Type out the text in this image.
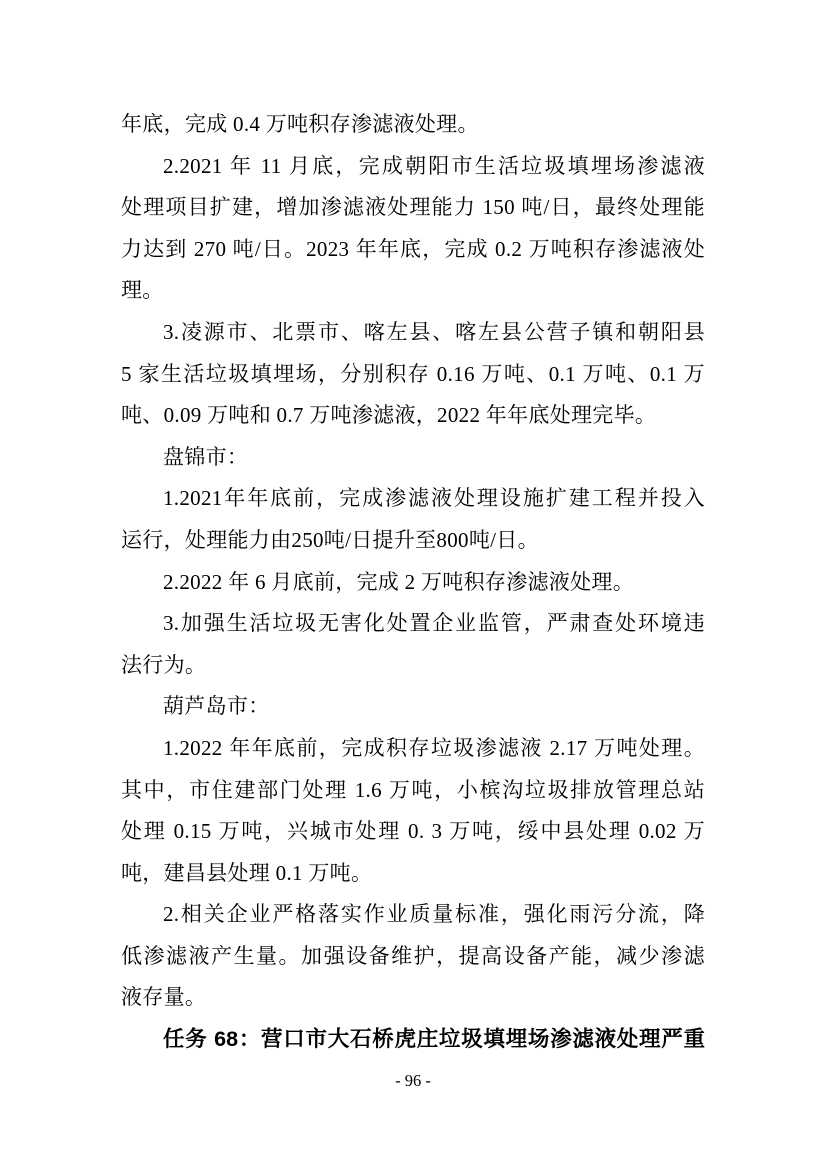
年底，完成 0.4 万吨积存渗滤液处理。
2.2021 年 11 月底，完成朝阳市生活垃圾填埋场渗滤液
处理项目扩建，增加渗滤液处理能力 150 吨/日，最终处理能
力达到 270 吨/日。2023 年年底，完成 0.2 万吨积存渗滤液处
理。
3.凌源市、北票市、喀左县、喀左县公营子镇和朝阳县
5 家生活垃圾填埋场，分别积存 0.16 万吨、0.1 万吨、0.1 万
吨、0.09 万吨和 0.7 万吨渗滤液，2022 年年底处理完毕。
盘锦市：
1.2021年年底前，完成渗滤液处理设施扩建工程并投入
运行，处理能力由250吨/日提升至800吨/日。
2.2022 年 6 月底前，完成 2 万吨积存渗滤液处理。
3.加强生活垃圾无害化处置企业监管，严肃查处环境违
法行为。
葫芦岛市：
1.2022 年年底前，完成积存垃圾渗滤液 2.17 万吨处理。
其中，市住建部门处理 1.6 万吨，小槟沟垃圾排放管理总站
处理 0.15 万吨，兴城市处理 0. 3 万吨，绥中县处理 0.02 万
吨，建昌县处理 0.1 万吨。
2.相关企业严格落实作业质量标准，强化雨污分流，降
低渗滤液产生量。加强设备维护，提高设备产能，减少渗滤
液存量。
任务 68：营口市大石桥虎庄垃圾填埋场渗滤液处理严重
- 96 -
